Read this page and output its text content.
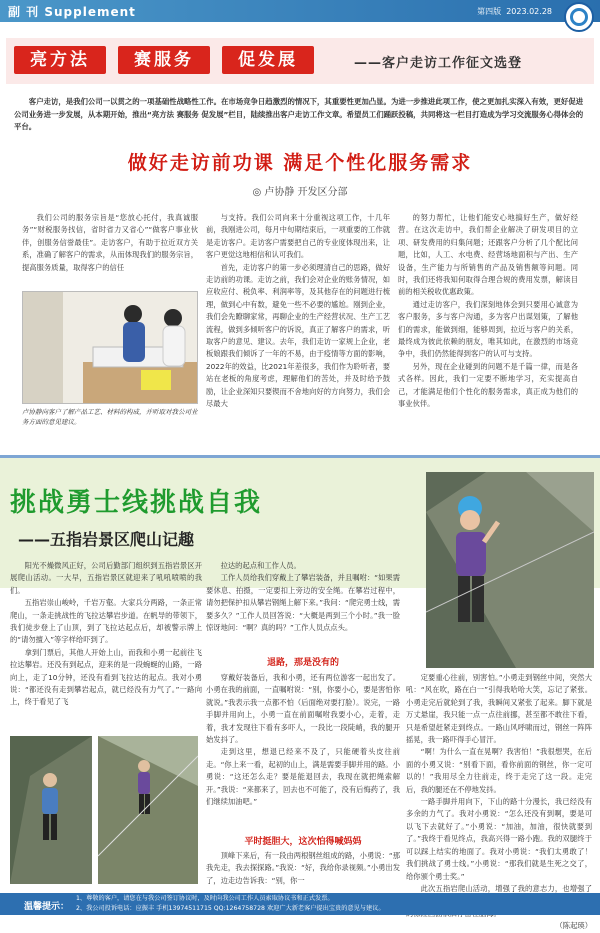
副 刊 Supplement	第四版 2023.02.28
亮方法	赛服务	促发展	——客户走访工作征文选登

客户走访，是我们公司一以贯之的一项基础性战略性工作。在市场竞争日趋激烈的情况下，其重要性更加凸显。为进一步推进此项工作，使之更加扎实深入有效，更好促进公司业务进一步发展，从本期开始，推出“亮方法 赛服务 促发展”栏目，陆续推出客户走访工作文章。希望员工们踊跃投稿，共同将这一栏目打造成为学习交流服务心得体会的平台。

做好走访前功课 满足个性化服务需求
◎ 卢协静 开发区分部

我们公司的服务宗旨是“您放心托付，我真诚服务”“财税服务找信，省时省力又省心”“做客户事业伙伴，创服务信誉最佳”。走访客户，有助于拉近双方关系，准确了解客户的需求，从而体现我们的服务宗旨，提高服务质量，取得客户的信任

卢协静向客户了解产品工艺、材料的构成，并听取对我公司业务方面的意见建议。

与支持。我们公司向来十分重视这项工作，十几年前，我刚进公司，每月中旬期结束后，一项重要的工作就是走访客户。走访客户需要把自己的专业度体现出来，让客户更觉这地相信和认可我们。

首先，走访客户的第一步必须理清自己的思路，做好走访前的功课。走访之前，我们会对企业的账务情况，如应收应付、税负率、利润率等，及其他存在的问题进行梳理，做到心中有数，避免一些不必要的尴尬。刚到企业，我们会先瞭聊家常，再聊企业的生产经营状况、生产工艺流程，做到多倾听客户的诉说，真正了解客户的需求，听取客户的意见、建议。去年，我们走访一家规上企业，老板娘跟我们倾诉了一年的不易，由于疫情等方面的影响，2022年的效益，比2021年差很多，我们作为聆听者，要站在老板的角度考虑，理解他们的苦处，并及时给予鼓励，让企业深知只要锲而不舍地向好的方向努力，我们会尽最大

的努力帮忙，让他们能安心地搞好生产，做好经营。在这次走访中，我们帮企业解决了研发项目的立项、研发费用的归集问题；还跟客户分析了几个配比问题，比如，人工、水电费、经营场地面积与产出、生产设备，生产能力与所销售的产品及销售额等问题。同时，我们还将我知何取得合理合规的费用发票，解读目前的相关税收优惠政策。

通过走访客户，我们深刻地体会到只要用心诚意为客户服务，多与客户沟通，多为客户出谋划策，了解他们的需求，能做到细，能够周到，拉近与客户的关系，最终成为彼此依赖的朋友，唯其如此，在激烈的市场竞争中，我们仍然能得到客户的认可与支持。

另外，现在企业碰到的问题不是千篇一律，而是各式各样。因此，我们一定要不断地学习，充实提高自己，才能满足他们个性化的服务需求，真正成为他们的事业伙伴。

挑战勇士线挑战自我
——五指岩景区爬山记趣

阳光不燥微风正好，公司后勤部门组织到五指岩景区开展爬山活动。一大早，五指岩景区就迎来了吼吼喷喷的我们。

五指岩崇山峻岭，千岩万壑。大家兵分两路，一条正常爬山，一条走挑战性的飞拉达攀岩步道。在帆导的带领下，我们徒步登上了山顶，到了飞拉达起点后，却被警示牌上的“请勿擅入”等字样给吓到了。

拿到门票后，其他人开始上山，而我和小勇一起前往飞拉达攀岩。还没有到起点，迎来的是一段蜿蜒的山路，一路向上，走了10分钟，还没有看到飞拉达的起点。我对小勇说：“都还没有走到攀岩起点，就已经没有力气了。”一路向上，终于看见了飞

拉达的起点和工作人员。

工作人员给我们穿戴上了攀岩装备，并且嘱咐：“如果需要休息、拍摄，一定要扣上旁边的安全绳。在攀岩过程中，请勿把保护扣从攀岩钢绳上解下来。”我问：“爬完勇士线，需要多久？”工作人员回答说：“大概是两到三个小时。”我一脸惊讶地问：“啊？真的吗？”工作人员点点头。

退路，那是没有的

穿戴好装备后，我和小勇，还有两位游客一起出发了。小勇在我的前面，一直嘱咐说：“别，你要小心，要是害怕你就说。”我表示我一点都不怕（后面绝对要打脸）。说完，一路手脚并用向上，小勇一直在前面嘱咐我要小心，走着，走着，我才发现往下看有多吓人，一段比一段陡峭，我的腿开始发抖了。

走到这里，想退已经来不及了，只能硬着头皮往前走。“你上来一看，起初的山上，满是需要手脚并用的路。小勇说：“这还怎么走？要是能退回去，我现在就把绳索解开。”我说：“来都来了，回去也不可能了，没有后悔药了，我们继续加油吧。”

平时挺胆大，这次怕得喊妈妈

顶峰下来后，有一段由两根钢丝组成的路，小勇说：“那我先走，我去探探路。”我说：“好，我给你录视频。”小勇出发了，边走边告诉我：“别，你一

定要重心往前，别害怕。”小勇走到钢丝中间，突然大吼：“风在吹，路在白一”引得我哈哈大笑，忘记了紧张。小勇走完后就轮到了我，我瞬间又紧张了起来。脚下就是万丈悬崖，我只能一点一点往前挪，甚至都不敢往下看，只是希望赶紧走到终点。一路山风呼啸而过，钢丝一阵阵摇晃，我一路吓得手心冒汗。

“啊！为什么一直在晃啊？我害怕！”我很想哭，在后面的小勇又说：“别看下面，看你前面的钢丝，你一定可以的！”我用尽全力往前走，终于走完了这一段。走完后，我的腿还在不停地发抖。

一路手脚并用向下，下山的路十分漫长，我已经没有多余的力气了。我对小勇说：“怎么还没有到啊，要是可以飞下去就好了。”小勇说：“加油，加油，很快就要到了。”我终于看见终点，我高兴得一路小跑。我的双腿终于可以踩上结实的地面了。我对小勇说：“我们太勇敢了！我们挑战了勇士线。”小勇说：“那我们就是生死之交了，给你颁个勇士奖。”

此次五指岩爬山活动，增强了我的意志力，也增强了

（陈起瑛）
温馨提示：
1、尊敬的客户，请您在与我公司签订协议时，及时向我公司工作人员索取协议书和正式发票。
2、我公司投诉电话：应振丰 手机13974511715 QQ:1264758728 欢迎广大新老客户提出宝贵的意见与建议。
